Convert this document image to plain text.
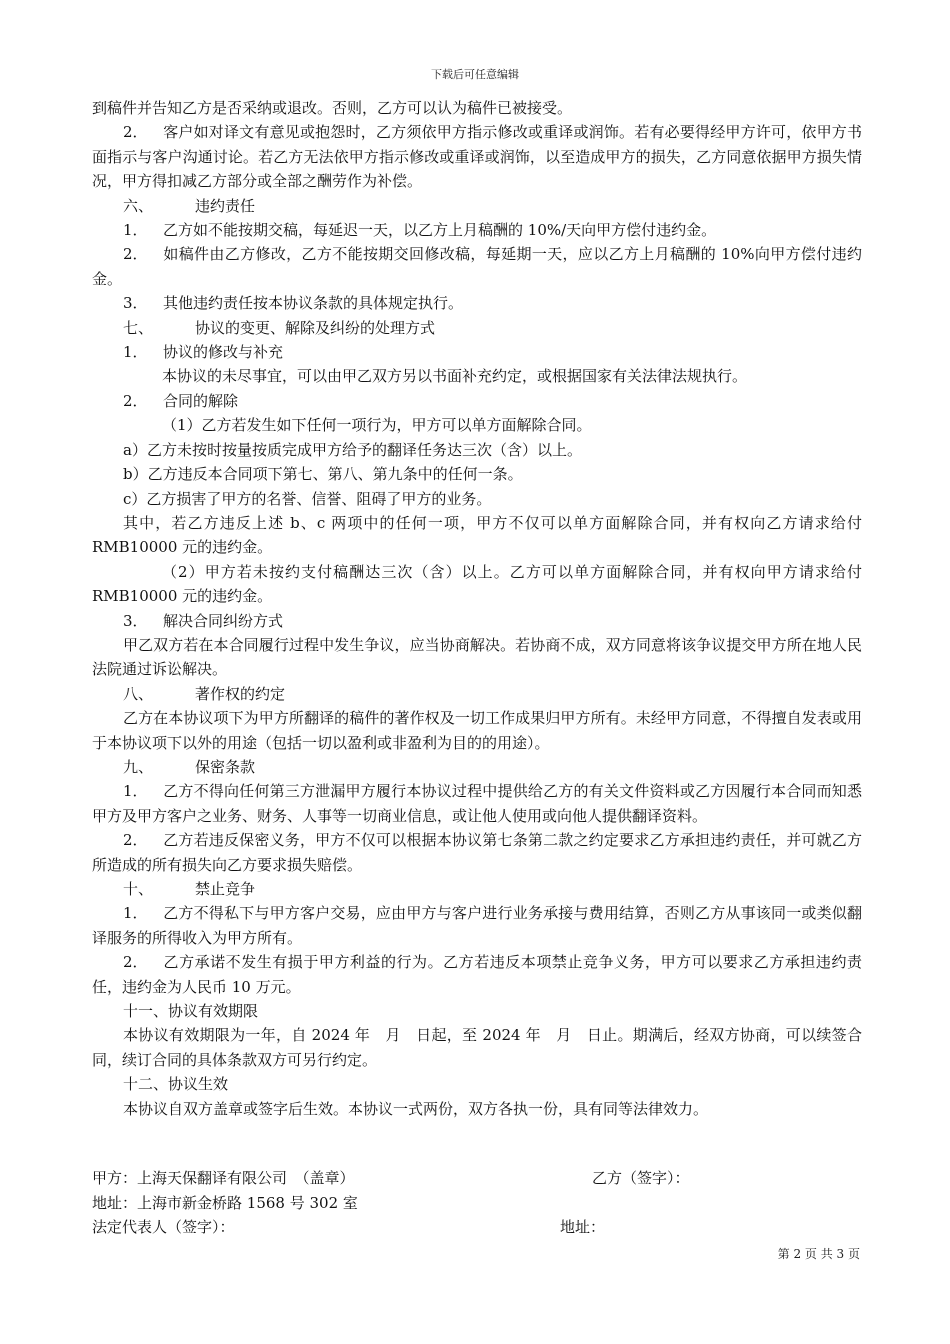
下载后可任意编辑

到稿件并告知乙方是否采纳或退改。否则，乙方可以认为稿件已被接受。

2． 客户如对译文有意见或抱怨时，乙方须依甲方指示修改或重译或润饰。若有必要得经甲方许可，依甲方书面指示与客户沟通讨论。若乙方无法依甲方指示修改或重译或润饰，以至造成甲方的损失，乙方同意依据甲方损失情况，甲方得扣减乙方部分或全部之酬劳作为补偿。

六、	违约责任

1． 乙方如不能按期交稿，每延迟一天，以乙方上月稿酬的 10%/天向甲方偿付违约金。

2． 如稿件由乙方修改，乙方不能按期交回修改稿，每延期一天，应以乙方上月稿酬的 10%向甲方偿付违约金。

3． 其他违约责任按本协议条款的具体规定执行。

七、	协议的变更、解除及纠纷的处理方式

1． 协议的修改与补充

本协议的未尽事宜，可以由甲乙双方另以书面补充约定，或根据国家有关法律法规执行。

2． 合同的解除

（1）乙方若发生如下任何一项行为，甲方可以单方面解除合同。

a）乙方未按时按量按质完成甲方给予的翻译任务达三次（含）以上。

b）乙方违反本合同项下第七、第八、第九条中的任何一条。

c）乙方损害了甲方的名誉、信誉、阻碍了甲方的业务。

其中，若乙方违反上述 b、c 两项中的任何一项，甲方不仅可以单方面解除合同，并有权向乙方请求给付 RMB10000 元的违约金。

（2）甲方若未按约支付稿酬达三次（含）以上。乙方可以单方面解除合同，并有权向甲方请求给付 RMB10000 元的违约金。

3． 解决合同纠纷方式

甲乙双方若在本合同履行过程中发生争议，应当协商解决。若协商不成，双方同意将该争议提交甲方所在地人民法院通过诉讼解决。

八、	著作权的约定

乙方在本协议项下为甲方所翻译的稿件的著作权及一切工作成果归甲方所有。未经甲方同意，不得擅自发表或用于本协议项下以外的用途（包括一切以盈利或非盈利为目的的用途）。

九、	保密条款

1． 乙方不得向任何第三方泄漏甲方履行本协议过程中提供给乙方的有关文件资料或乙方因履行本合同而知悉甲方及甲方客户之业务、财务、人事等一切商业信息，或让他人使用或向他人提供翻译资料。

2． 乙方若违反保密义务，甲方不仅可以根据本协议第七条第二款之约定要求乙方承担违约责任，并可就乙方所造成的所有损失向乙方要求损失赔偿。

十、	禁止竞争

1． 乙方不得私下与甲方客户交易，应由甲方与客户进行业务承接与费用结算，否则乙方从事该同一或类似翻译服务的所得收入为甲方所有。

2． 乙方承诺不发生有损于甲方利益的行为。乙方若违反本项禁止竞争义务，甲方可以要求乙方承担违约责任，违约金为人民币 10 万元。

十一、协议有效期限

本协议有效期限为一年，自 2024 年　月　日起，至 2024 年　月　日止。期满后，经双方协商，可以续签合同，续订合同的具体条款双方可另行约定。

十二、协议生效

本协议自双方盖章或签字后生效。本协议一式两份，双方各执一份，具有同等法律效力。

甲方：上海天保翻译有限公司　（盖章）	乙方（签字）：
地址：上海市新金桥路 1568 号 302 室
法定代表人（签字）：	地址：
第 2 页 共 3 页
